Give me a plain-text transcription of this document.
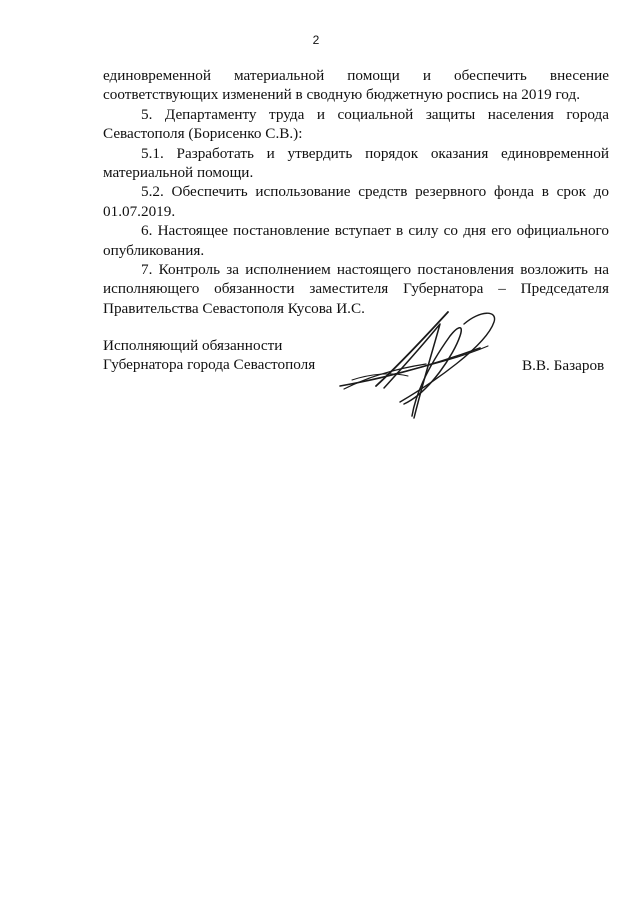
2

единовременной материальной помощи и обеспечить внесение соответствующих изменений в сводную бюджетную роспись на 2019 год.

5. Департаменту труда и социальной защиты населения города Севастополя (Борисенко С.В.):

5.1. Разработать и утвердить порядок оказания единовременной материальной помощи.

5.2. Обеспечить использование средств резервного фонда в срок до 01.07.2019.

6. Настоящее постановление вступает в силу со дня его официального опубликования.

7. Контроль за исполнением настоящего постановления возложить на исполняющего обязанности заместителя Губернатора – Председателя Правительства Севастополя Кусова И.С.

Исполняющий обязанности
Губернатора города Севастополя	В.В. Базаров
